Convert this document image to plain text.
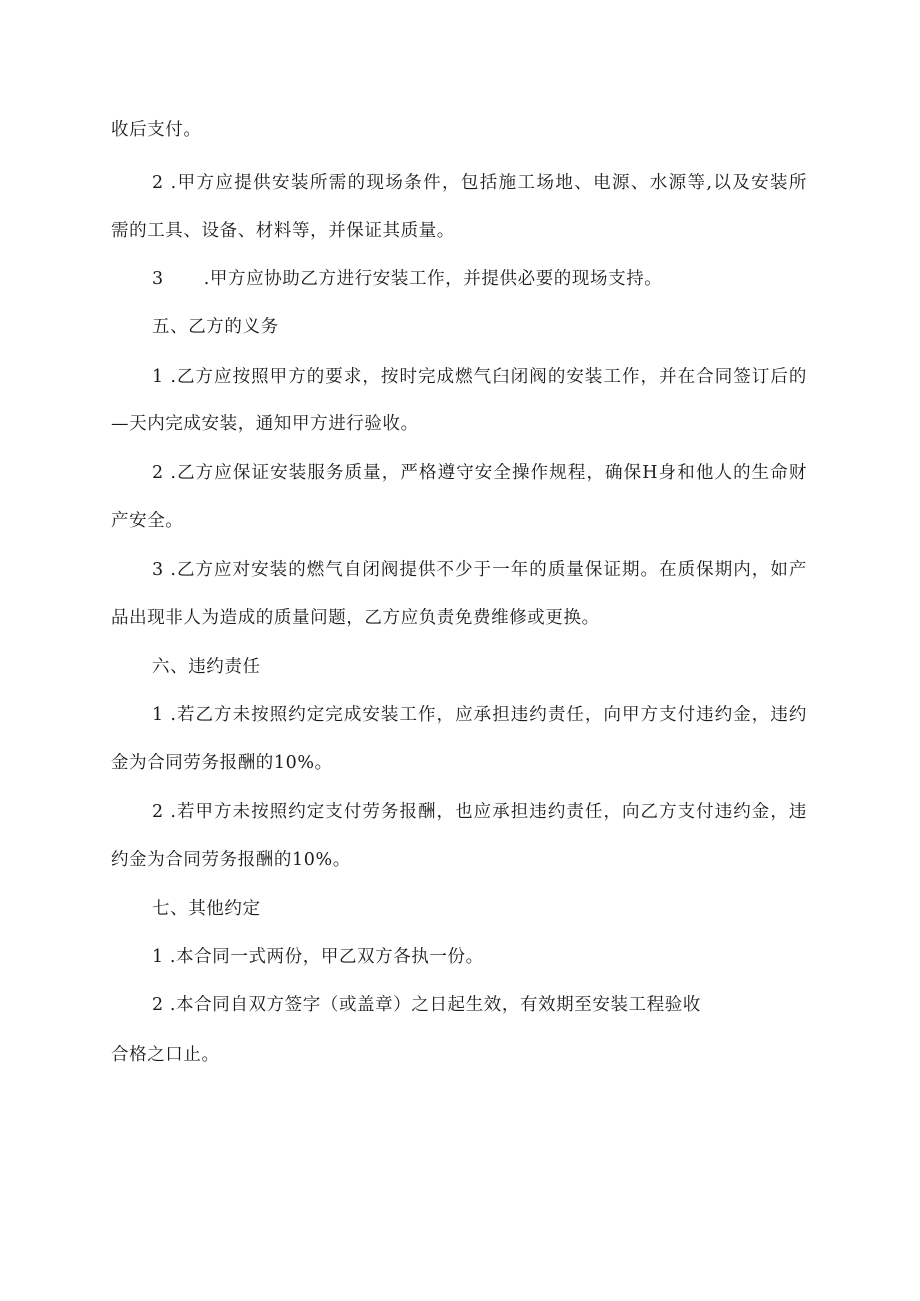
收后支付。
2 .甲方应提供安装所需的现场条件，包括施工场地、电源、水源等,以及安装所
需的工具、设备、材料等，并保证其质量。
3 .甲方应协助乙方进行安装工作，并提供必要的现场支持。
五、乙方的义务
1 .乙方应按照甲方的要求，按时完成燃气臼闭阀的安装工作，并在合同签订后的
—天内完成安装，通知甲方进行验收。
2 .乙方应保证安装服务质量，严格遵守安全操作规程，确保H身和他人的生命财
产安全。
3 .乙方应对安装的燃气自闭阀提供不少于一年的质量保证期。在质保期内，如产
品出现非人为造成的质量问题，乙方应负责免费维修或更换。
六、违约责任
1 .若乙方未按照约定完成安装工作，应承担违约责任，向甲方支付违约金，违约
金为合同劳务报酬的10%。
2 .若甲方未按照约定支付劳务报酬，也应承担违约责任，向乙方支付违约金，违
约金为合同劳务报酬的10%。
七、其他约定
1 .本合同一式两份，甲乙双方各执一份。
2 .本合同自双方签字（或盖章）之日起生效，有效期至安装工程验收
合格之口止。
